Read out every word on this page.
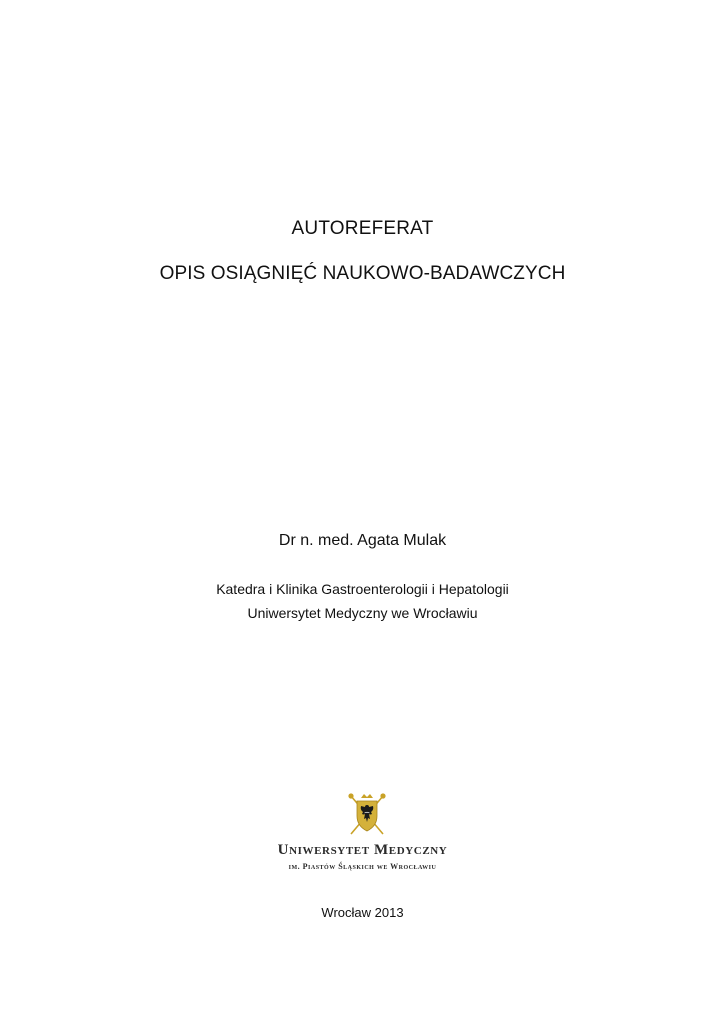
AUTOREFERAT
OPIS OSIĄGNIĘĆ NAUKOWO-BADAWCZYCH
Dr n. med. Agata Mulak
Katedra i Klinika Gastroenterologii i Hepatologii
Uniwersytet Medyczny we Wrocławiu
Uniwersytet Medyczny
im. Piastów Śląskich we Wrocławiu
Wrocław 2013
